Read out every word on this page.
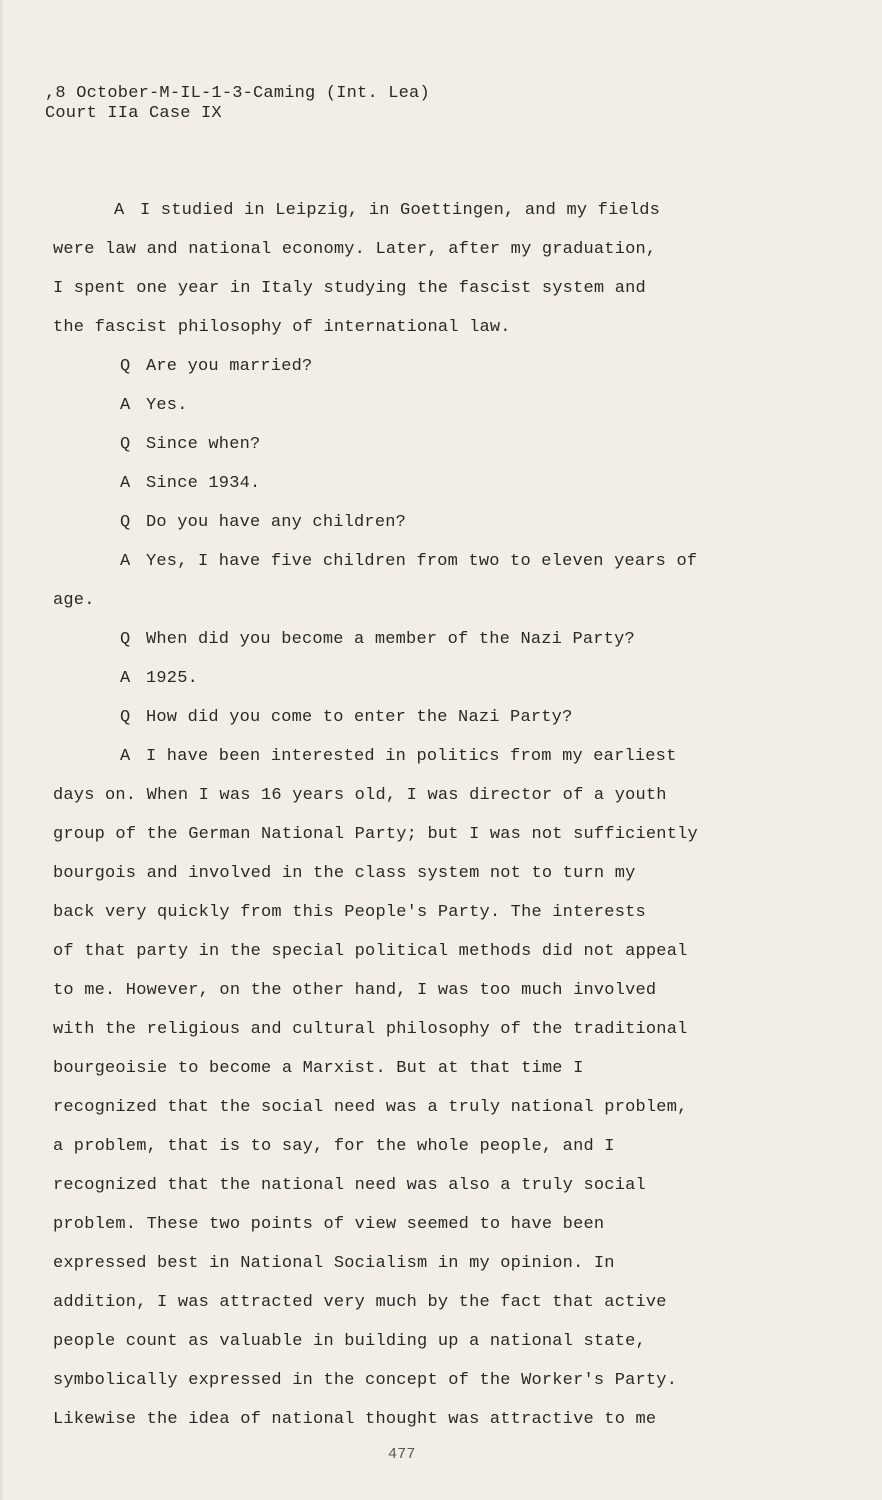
,8 October-M-IL-1-3-Caming (Int. Lea)
Court IIa Case IX
A I studied in Leipzig, in Goettingen, and my fields
were law and national economy. Later, after my graduation,
I spent one year in Italy studying the fascist system and
the fascist philosophy of international law.
Q Are you married?
A Yes.
Q Since when?
A Since 1934.
Q Do you have any children?
A Yes, I have five children from two to eleven years of
age.
Q When did you become a member of the Nazi Party?
A 1925.
Q How did you come to enter the Nazi Party?
A I have been interested in politics from my earliest
days on. When I was 16 years old, I was director of a youth
group of the German National Party; but I was not sufficiently
bourgois and involved in the class system not to turn my
back very quickly from this People's Party. The interests
of that party in the special political methods did not appeal
to me. However, on the other hand, I was too much involved
with the religious and cultural philosophy of the traditional
bourgeoisie to become a Marxist. But at that time I
recognized that the social need was a truly national problem,
a problem, that is to say, for the whole people, and I
recognized that the national need was also a truly social
problem. These two points of view seemed to have been
expressed best in National Socialism in my opinion. In
addition, I was attracted very much by the fact that active
people count as valuable in building up a national state,
symbolically expressed in the concept of the Worker's Party.
Likewise the idea of national thought was attractive to me
477
